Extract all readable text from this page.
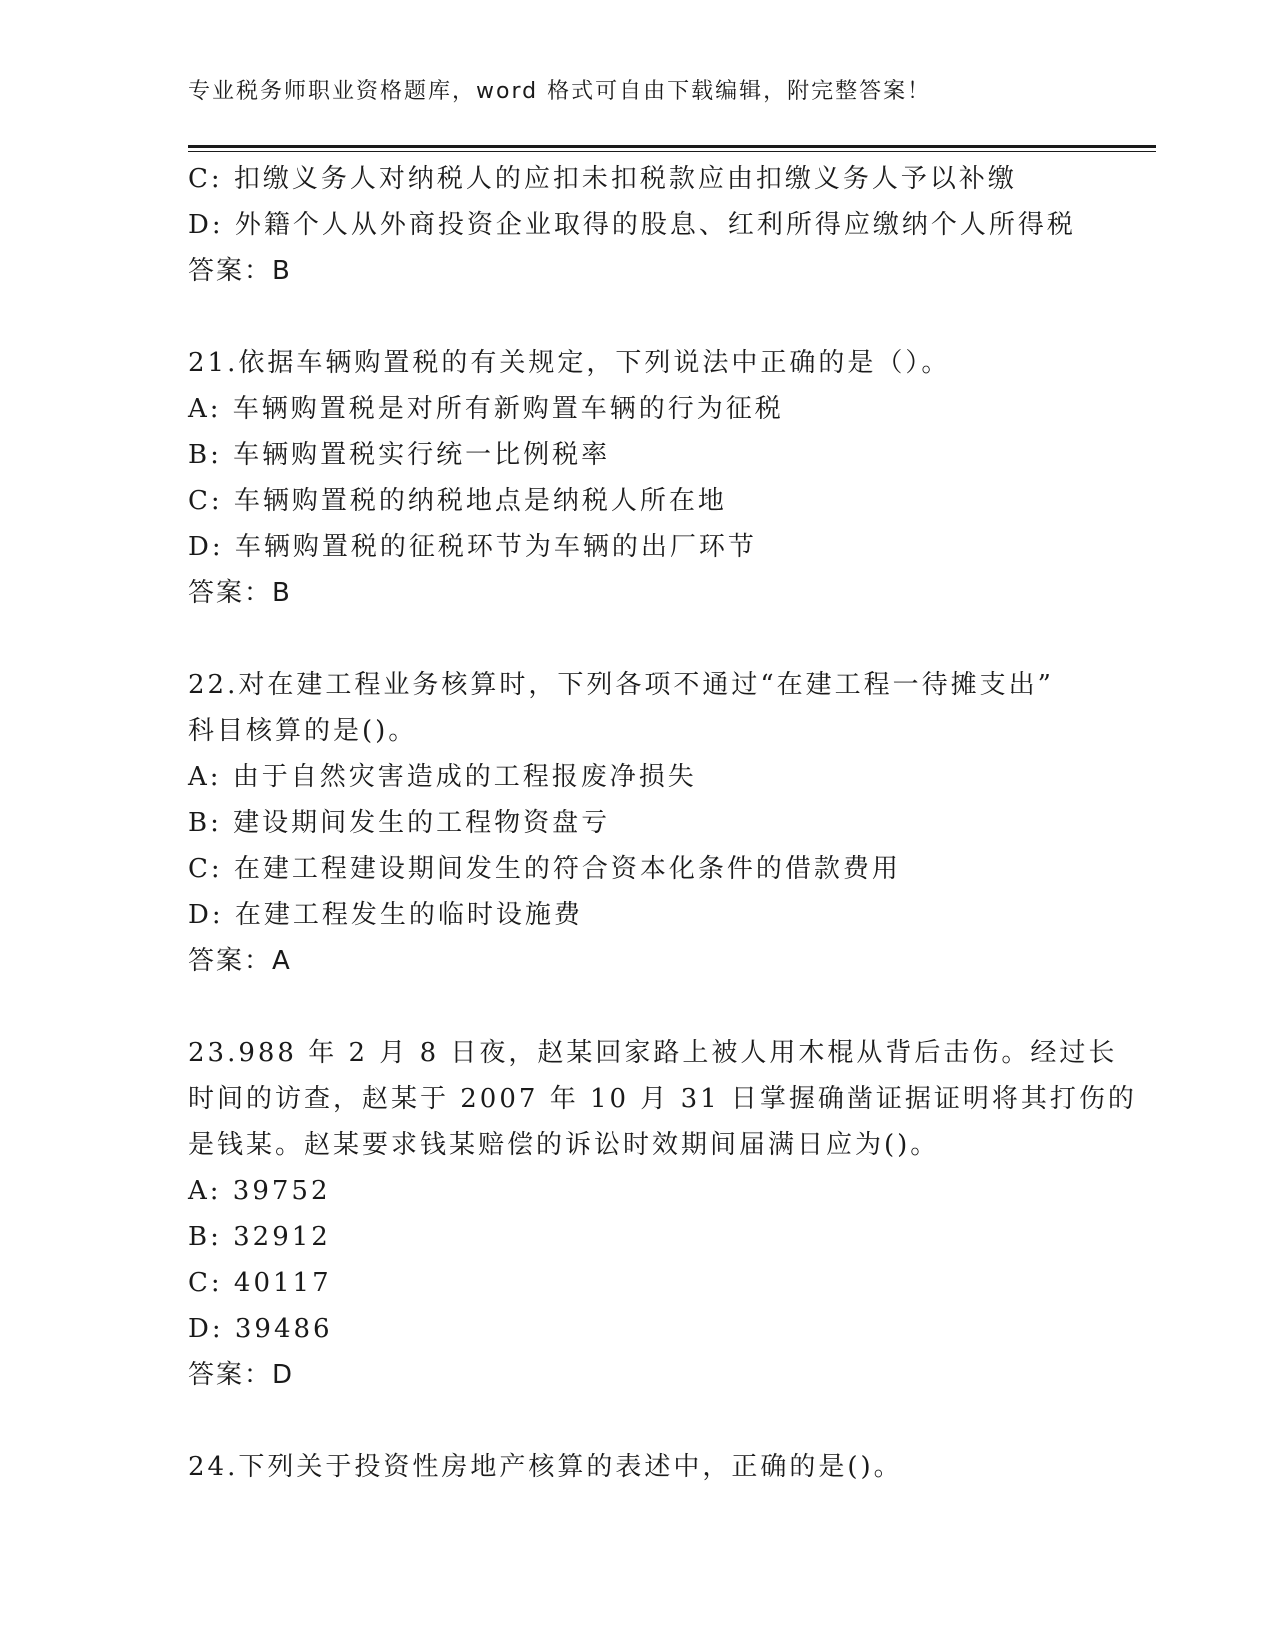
专业税务师职业资格题库，word 格式可自由下载编辑，附完整答案！
C: 扣缴义务人对纳税人的应扣未扣税款应由扣缴义务人予以补缴
D: 外籍个人从外商投资企业取得的股息、红利所得应缴纳个人所得税
答案：B
21.依据车辆购置税的有关规定，下列说法中正确的是（）。
A: 车辆购置税是对所有新购置车辆的行为征税
B: 车辆购置税实行统一比例税率
C: 车辆购置税的纳税地点是纳税人所在地
D: 车辆购置税的征税环节为车辆的出厂环节
答案：B
22.对在建工程业务核算时，下列各项不通过“在建工程一待摊支出”
科目核算的是()。
A: 由于自然灾害造成的工程报废净损失
B: 建设期间发生的工程物资盘亏
C: 在建工程建设期间发生的符合资本化条件的借款费用
D: 在建工程发生的临时设施费
答案：A
23.988 年 2 月 8 日夜，赵某回家路上被人用木棍从背后击伤。经过长
时间的访查，赵某于 2007 年 10 月 31 日掌握确凿证据证明将其打伤的
是钱某。赵某要求钱某赔偿的诉讼时效期间届满日应为()。
A: 39752
B: 32912
C: 40117
D: 39486
答案：D
24.下列关于投资性房地产核算的表述中，正确的是()。
